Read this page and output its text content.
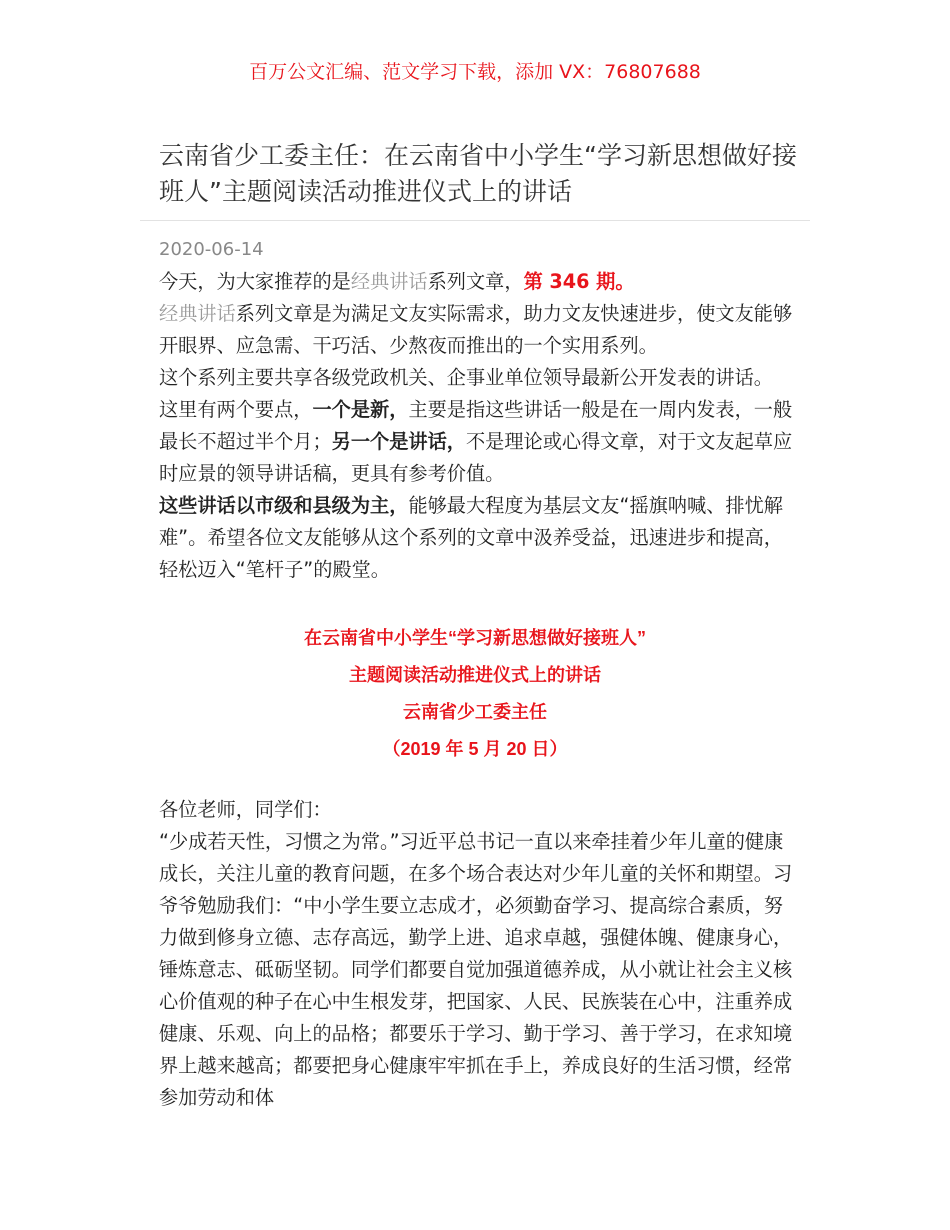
百万公文汇编、范文学习下载，添加 VX：76807688
云南省少工委主任：在云南省中小学生“学习新思想做好接班人”主题阅读活动推进仪式上的讲话
2020-06-14

今天，为大家推荐的是经典讲话系列文章，第 346 期。

经典讲话系列文章是为满足文友实际需求，助力文友快速进步，使文友能够开眼界、应急需、干巧活、少熬夜而推出的一个实用系列。

这个系列主要共享各级党政机关、企事业单位领导最新公开发表的讲话。

这里有两个要点，一个是新，主要是指这些讲话一般是在一周内发表，一般最长不超过半个月；另一个是讲话，不是理论或心得文章，对于文友起草应时应景的领导讲话稿，更具有参考价值。

这些讲话以市级和县级为主，能够最大程度为基层文友“摇旗呐喊、排忧解难”。希望各位文友能够从这个系列的文章中汲养受益，迅速进步和提高，轻松迈入“笔杆子”的殿堂。

在云南省中小学生“学习新思想做好接班人”
主题阅读活动推进仪式上的讲话
云南省少工委主任
（2019 年 5 月 20 日）

各位老师，同学们：

“少成若天性，习惯之为常。”习近平总书记一直以来牵挂着少年儿童的健康成长，关注儿童的教育问题，在多个场合表达对少年儿童的关怀和期望。习爷爷勉励我们：“中小学生要立志成才，必须勤奋学习、提高综合素质，努力做到修身立德、志存高远，勤学上进、追求卓越，强健体魄、健康身心，锤炼意志、砥砺坚韧。同学们都要自觉加强道德养成，从小就让社会主义核心价值观的种子在心中生根发芽，把国家、人民、民族装在心中，注重养成健康、乐观、向上的品格；都要乐于学习、勤于学习、善于学习，在求知境界上越来越高；都要把身心健康牢牢抓在手上，养成良好的生活习惯，经常参加劳动和体
